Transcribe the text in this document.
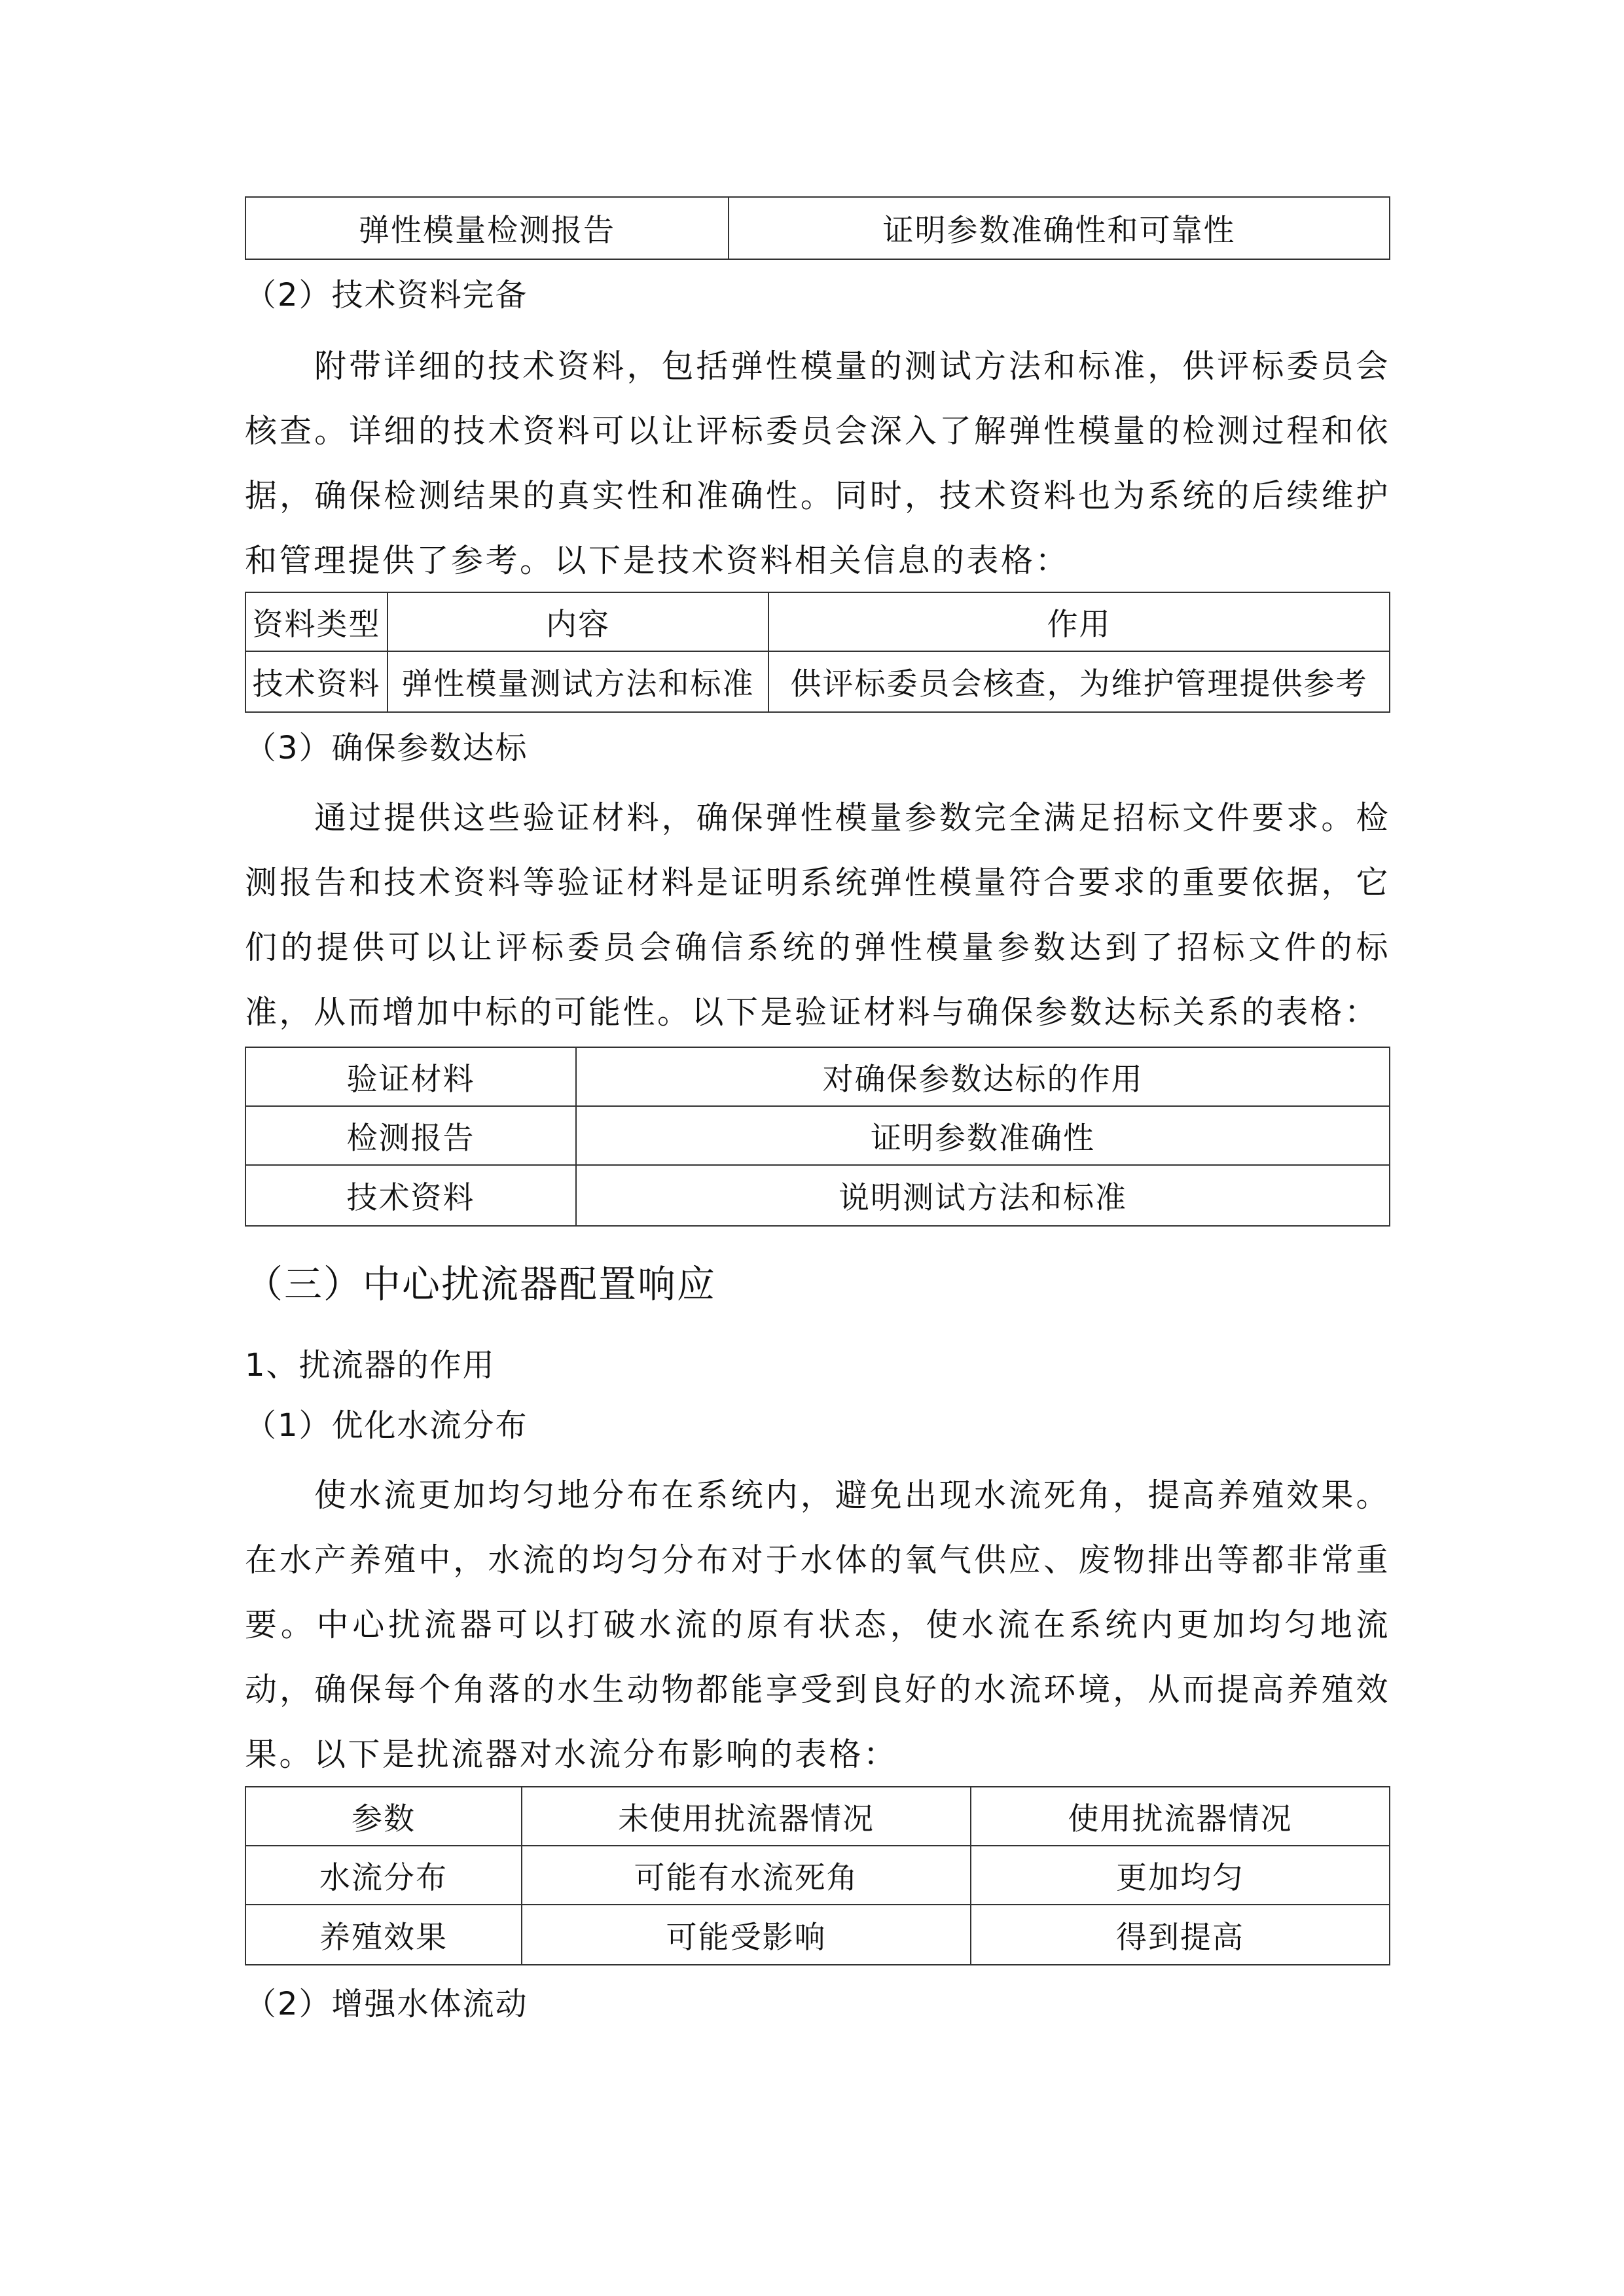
弹性模量检测报告	证明参数准确性和可靠性
（2）技术资料完备
附带详细的技术资料，包括弹性模量的测试方法和标准，供评标委员会核查。详细的技术资料可以让评标委员会深入了解弹性模量的检测过程和依据，确保检测结果的真实性和准确性。同时，技术资料也为系统的后续维护和管理提供了参考。以下是技术资料相关信息的表格：
资料类型	内容	作用
技术资料	弹性模量测试方法和标准	供评标委员会核查，为维护管理提供参考
（3）确保参数达标
通过提供这些验证材料，确保弹性模量参数完全满足招标文件要求。检测报告和技术资料等验证材料是证明系统弹性模量符合要求的重要依据，它们的提供可以让评标委员会确信系统的弹性模量参数达到了招标文件的标准，从而增加中标的可能性。以下是验证材料与确保参数达标关系的表格：
验证材料	对确保参数达标的作用
检测报告	证明参数准确性
技术资料	说明测试方法和标准
（三）中心扰流器配置响应
1、扰流器的作用
（1）优化水流分布
使水流更加均匀地分布在系统内，避免出现水流死角，提高养殖效果。在水产养殖中，水流的均匀分布对于水体的氧气供应、废物排出等都非常重要。中心扰流器可以打破水流的原有状态，使水流在系统内更加均匀地流动，确保每个角落的水生动物都能享受到良好的水流环境，从而提高养殖效果。以下是扰流器对水流分布影响的表格：
参数	未使用扰流器情况	使用扰流器情况
水流分布	可能有水流死角	更加均匀
养殖效果	可能受影响	得到提高
（2）增强水体流动
